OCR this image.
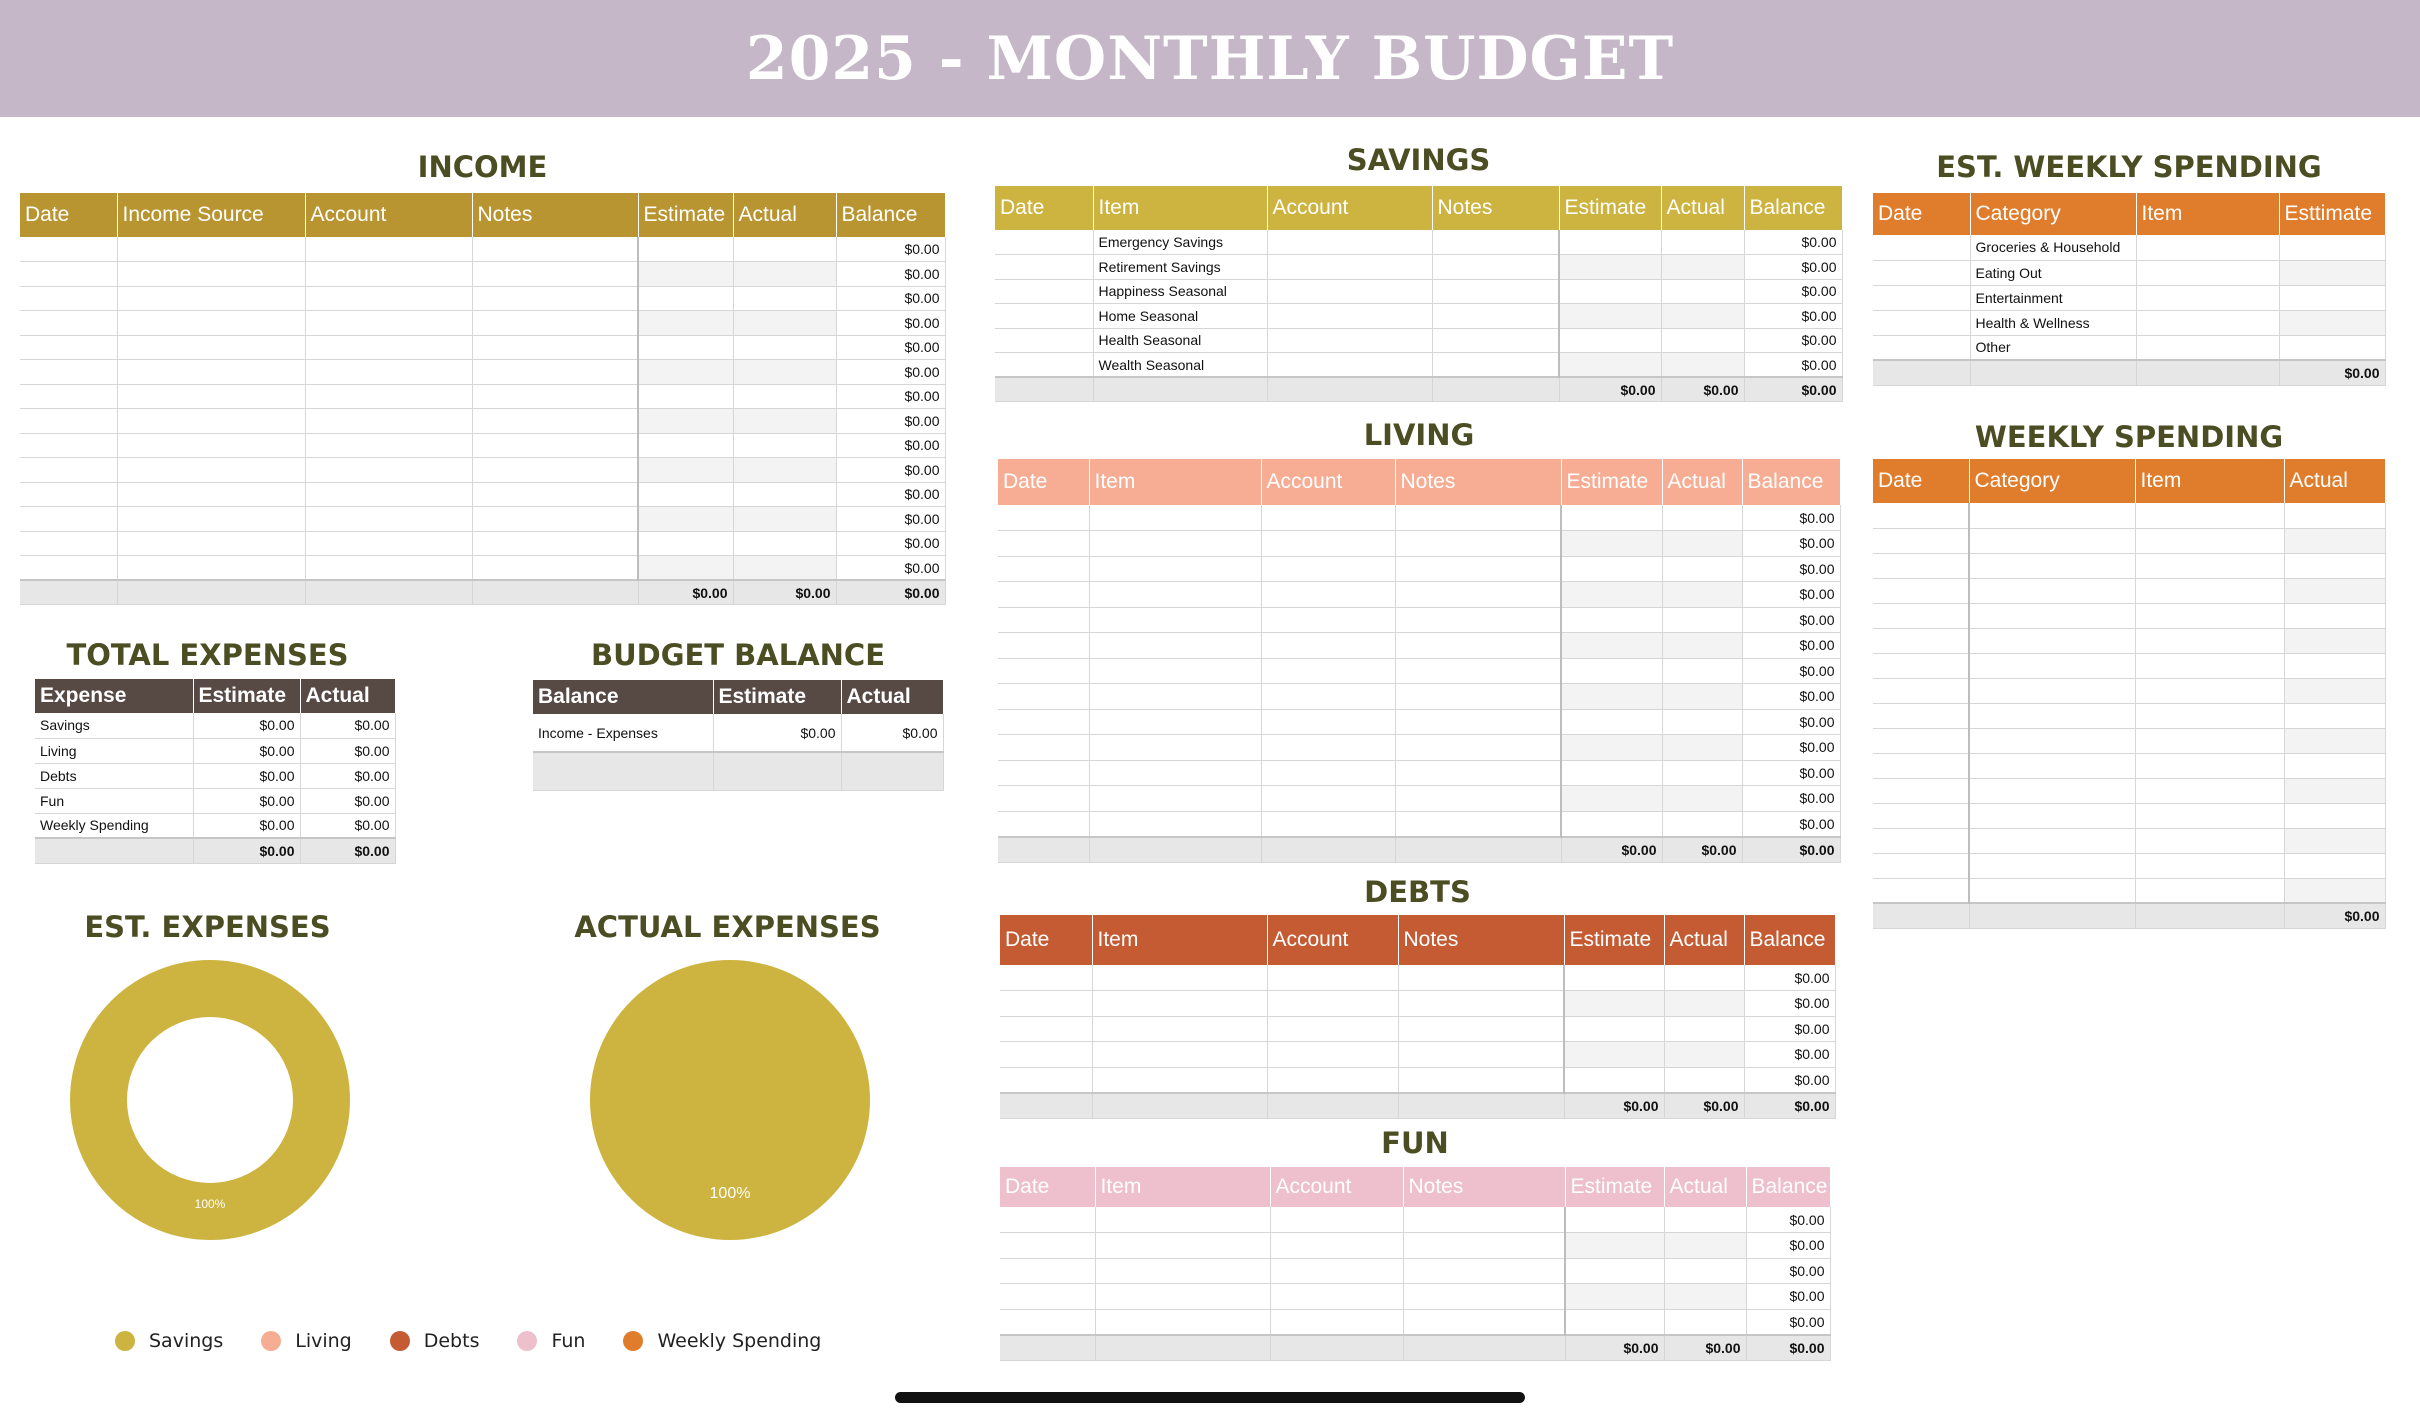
2025 - MONTHLY BUDGET
INCOME	SAVINGS	EST. WEEKLY SPENDING
LIVING	WEEKLY SPENDING
TOTAL EXPENSES	BUDGET BALANCE
DEBTS
FUN
EST. EXPENSES	ACTUAL EXPENSES
Date	Income Source	Account	Notes	Estimate	Actual	Balance
						$0.00
						$0.00
						$0.00
						$0.00
						$0.00
						$0.00
						$0.00
						$0.00
						$0.00
						$0.00
						$0.00
						$0.00
						$0.00
						$0.00
				$0.00	$0.00	$0.00
Date	Item	Account	Notes	Estimate	Actual	Balance
	Emergency Savings					$0.00
	Retirement Savings					$0.00
	Happiness Seasonal					$0.00
	Home Seasonal					$0.00
	Health Seasonal					$0.00
	Wealth Seasonal					$0.00
				$0.00	$0.00	$0.00
Date	Item	Account	Notes	Estimate	Actual	Balance
						$0.00
						$0.00
						$0.00
						$0.00
						$0.00
						$0.00
						$0.00
						$0.00
						$0.00
						$0.00
						$0.00
						$0.00
						$0.00
				$0.00	$0.00	$0.00
Date	Item	Account	Notes	Estimate	Actual	Balance
						$0.00
						$0.00
						$0.00
						$0.00
						$0.00
				$0.00	$0.00	$0.00
Date	Item	Account	Notes	Estimate	Actual	Balance
						$0.00
						$0.00
						$0.00
						$0.00
						$0.00
				$0.00	$0.00	$0.00
Date	Category	Item	Esttimate
	Groceries & Household		
	Eating Out		
	Entertainment		
	Health & Wellness		
	Other		
			$0.00
Date	Category	Item	Actual

			$0.00
Expense	Estimate	Actual
Savings	$0.00	$0.00
Living	$0.00	$0.00
Debts	$0.00	$0.00
Fun	$0.00	$0.00
Weekly Spending	$0.00	$0.00
	$0.00	$0.00
Balance	Estimate	Actual
Income - Expenses	$0.00	$0.00

100%
100%
Savings	Living	Debts	Fun	Weekly Spending
